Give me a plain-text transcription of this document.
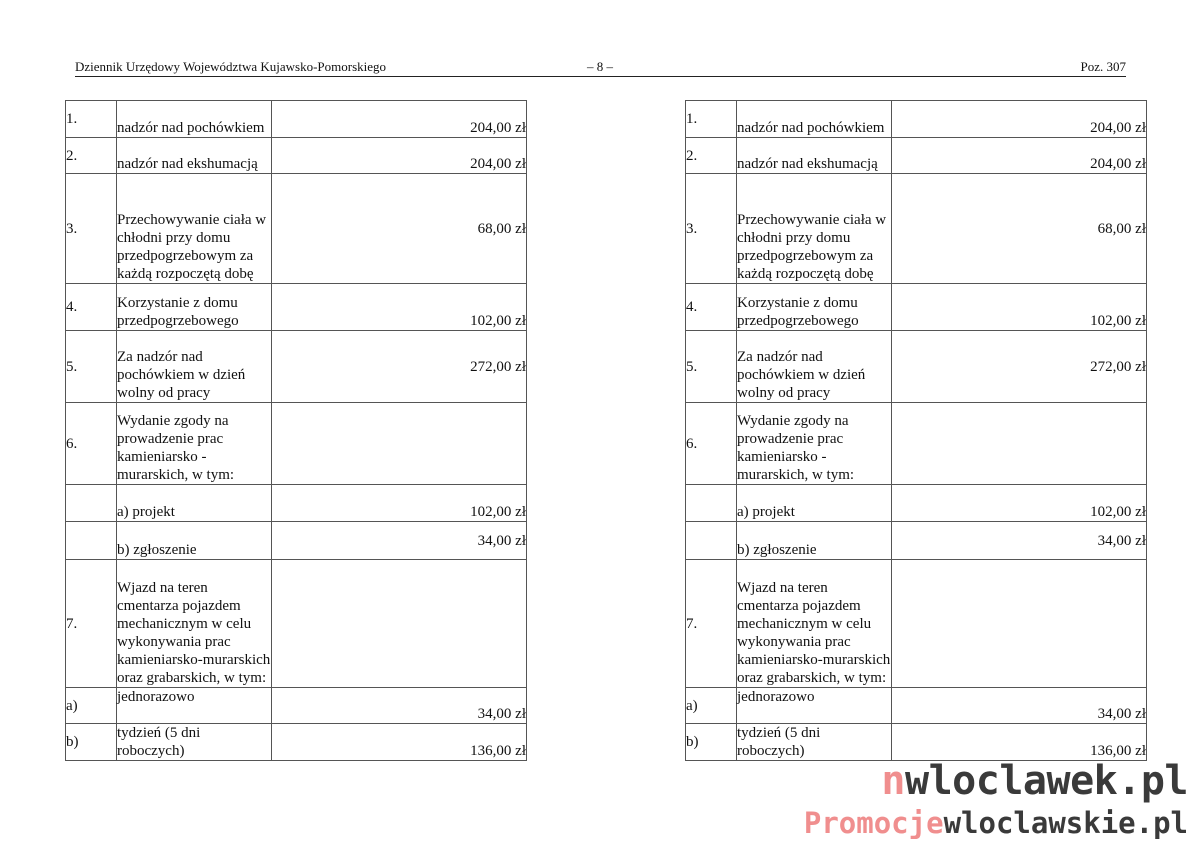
Dziennik Urzędowy Województwa Kujawsko-Pomorskiego	– 8 –	Poz. 307
1.	nadzór nad pochówkiem	204,00 zł
2.	nadzór nad ekshumacją	204,00 zł
3.	Przechowywanie ciała w chłodni przy domu przedpogrzebowym za każdą rozpoczętą dobę	68,00 zł
4.	Korzystanie z domu przedpogrzebowego	102,00 zł
5.	Za nadzór nad pochówkiem w dzień wolny od pracy	272,00 zł
6.	Wydanie zgody na prowadzenie prac kamieniarsko - murarskich, w tym:	
	a) projekt	102,00 zł
	b) zgłoszenie	34,00 zł
7.	Wjazd na teren cmentarza pojazdem mechanicznym w celu wykonywania prac kamieniarsko-murarskich oraz grabarskich, w tym:	
a)	jednorazowo	34,00 zł
b)	tydzień (5 dni roboczych)	136,00 zł
1.	nadzór nad pochówkiem	204,00 zł
2.	nadzór nad ekshumacją	204,00 zł
3.	Przechowywanie ciała w chłodni przy domu przedpogrzebowym za każdą rozpoczętą dobę	68,00 zł
4.	Korzystanie z domu przedpogrzebowego	102,00 zł
5.	Za nadzór nad pochówkiem w dzień wolny od pracy	272,00 zł
6.	Wydanie zgody na prowadzenie prac kamieniarsko - murarskich, w tym:	
	a) projekt	102,00 zł
	b) zgłoszenie	34,00 zł
7.	Wjazd na teren cmentarza pojazdem mechanicznym w celu wykonywania prac kamieniarsko-murarskich oraz grabarskich, w tym:	
a)	jednorazowo	34,00 zł
b)	tydzień (5 dni roboczych)	136,00 zł
nwloclawek.pl
Promocjewloclawskie.pl
